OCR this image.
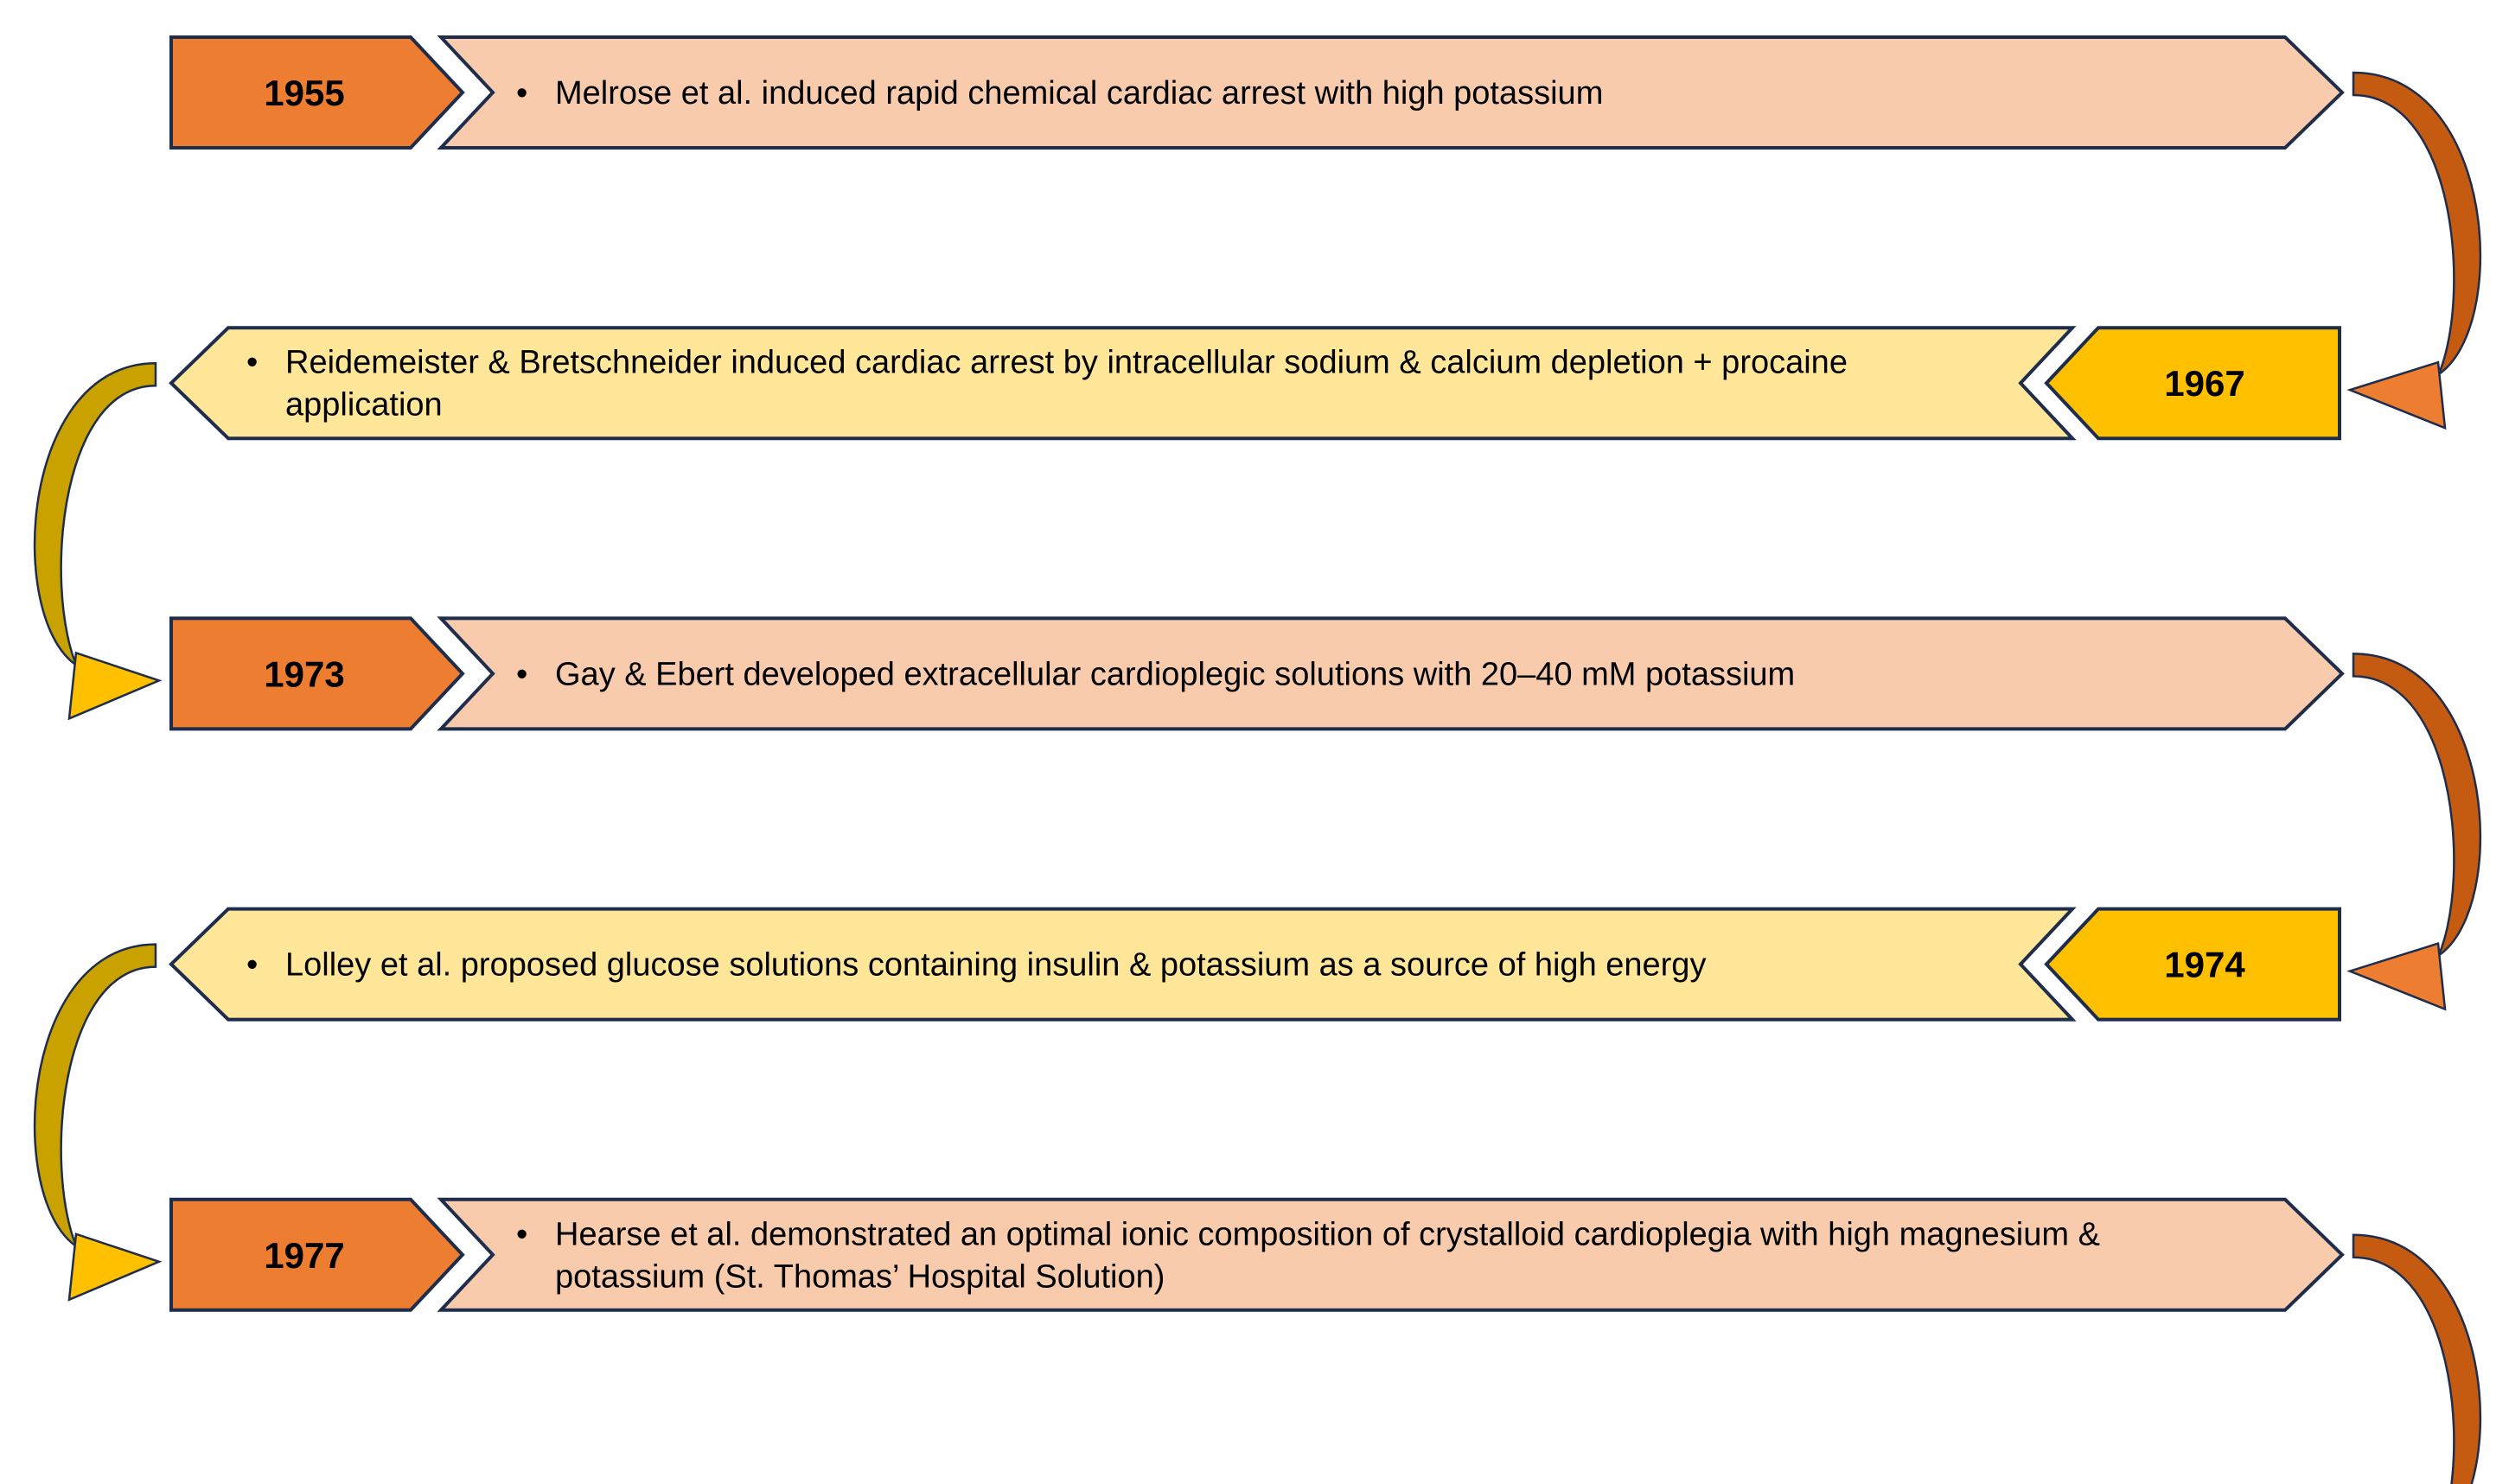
1955	• Melrose et al. induced rapid chemical cardiac arrest with high potassium
1967
• Reidemeister & Bretschneider induced cardiac arrest by intracellular sodium & calcium depletion + procaine
application
1973	• Gay & Ebert developed extracellular cardioplegic solutions with 20–40 mM potassium
1974
• Lolley et al. proposed glucose solutions containing insulin & potassium as a source of high energy
1977
• Hearse et al. demonstrated an optimal ionic composition of crystalloid cardioplegia with high magnesium &
potassium (St. Thomas’ Hospital Solution)
